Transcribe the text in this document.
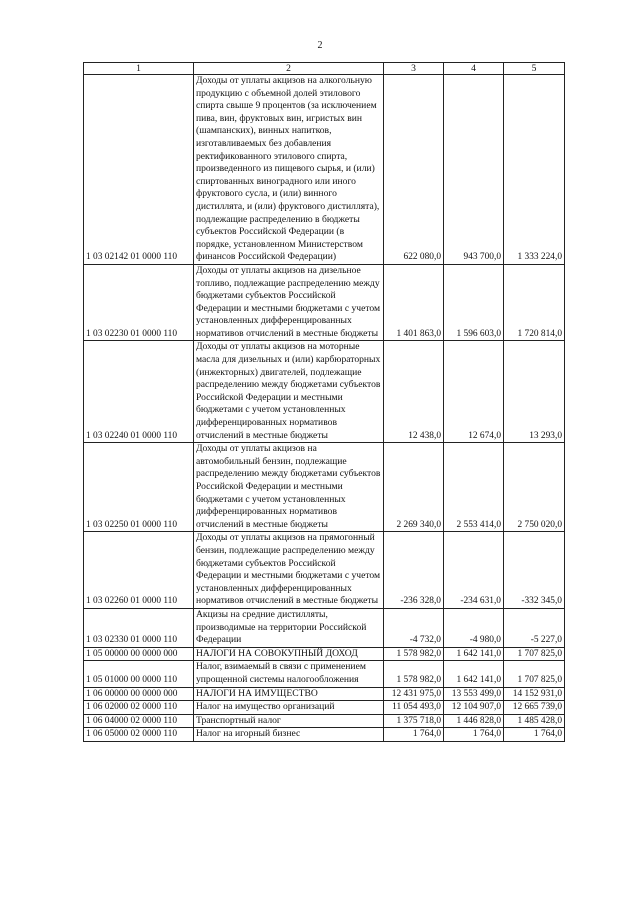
2
1	2	3	4	5
1 03 02142 01 0000 110	Доходы от уплаты акцизов на алкогольную продукцию с объемной долей этилового спирта свыше 9 процентов (за исключением пива, вин, фруктовых вин, игристых вин (шампанских), винных напитков, изготавливаемых без добавления ректификованного этилового спирта, произведенного из пищевого сырья, и (или) спиртованных виноградного или иного фруктового сусла, и (или) винного дистиллята, и (или) фруктового дистиллята), подлежащие распределению в бюджеты субъектов Российской Федерации (в порядке, установленном Министерством финансов Российской Федерации)	622 080,0	943 700,0	1 333 224,0
1 03 02230 01 0000 110	Доходы от уплаты акцизов на дизельное топливо, подлежащие распределению между бюджетами субъектов Российской Федерации и местными бюджетами с учетом установленных дифференцированных нормативов отчислений в местные бюджеты	1 401 863,0	1 596 603,0	1 720 814,0
1 03 02240 01 0000 110	Доходы от уплаты акцизов на моторные масла для дизельных и (или) карбюраторных (инжекторных) двигателей, подлежащие распределению между бюджетами субъектов Российской Федерации и местными бюджетами с учетом установленных дифференцированных нормативов отчислений в местные бюджеты	12 438,0	12 674,0	13 293,0
1 03 02250 01 0000 110	Доходы от уплаты акцизов на автомобильный бензин, подлежащие распределению между бюджетами субъектов Российской Федерации и местными бюджетами с учетом установленных дифференцированных нормативов отчислений в местные бюджеты	2 269 340,0	2 553 414,0	2 750 020,0
1 03 02260 01 0000 110	Доходы от уплаты акцизов на прямогонный бензин, подлежащие распределению между бюджетами субъектов Российской Федерации и местными бюджетами с учетом установленных дифференцированных нормативов отчислений в местные бюджеты	-236 328,0	-234 631,0	-332 345,0
1 03 02330 01 0000 110	Акцизы на средние дистилляты, производимые на территории Российской Федерации	-4 732,0	-4 980,0	-5 227,0
1 05 00000 00 0000 000	НАЛОГИ НА СОВОКУПНЫЙ ДОХОД	1 578 982,0	1 642 141,0	1 707 825,0
1 05 01000 00 0000 110	Налог, взимаемый в связи с применением упрощенной системы налогообложения	1 578 982,0	1 642 141,0	1 707 825,0
1 06 00000 00 0000 000	НАЛОГИ НА ИМУЩЕСТВО	12 431 975,0	13 553 499,0	14 152 931,0
1 06 02000 02 0000 110	Налог на имущество организаций	11 054 493,0	12 104 907,0	12 665 739,0
1 06 04000 02 0000 110	Транспортный налог	1 375 718,0	1 446 828,0	1 485 428,0
1 06 05000 02 0000 110	Налог на игорный бизнес	1 764,0	1 764,0	1 764,0
